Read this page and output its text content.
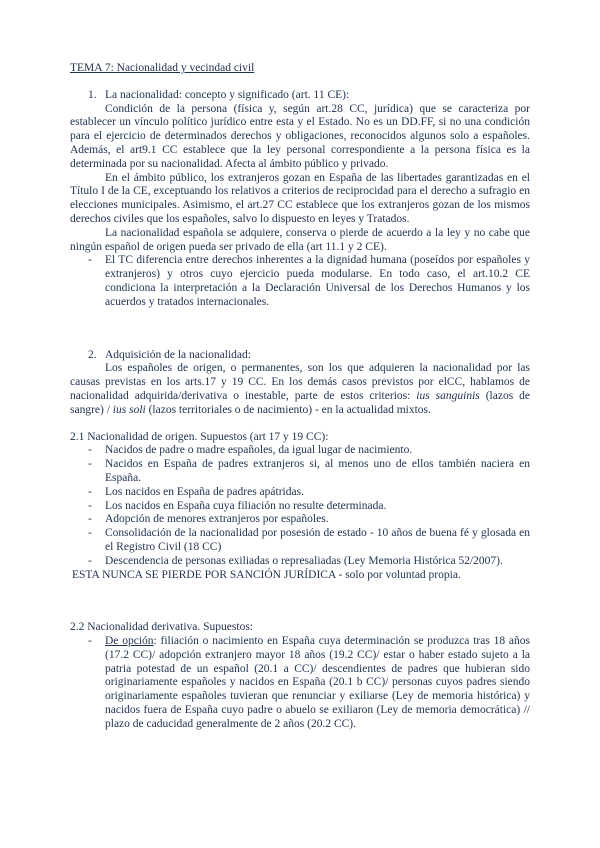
TEMA 7: Nacionalidad y vecindad civil
1. La nacionalidad: concepto y significado (art. 11 CE):

Condición de la persona (física y, según art.28 CC, jurídica) que se caracteriza por establecer un vínculo político jurídico entre esta y el Estado. No es un DD.FF, si no una condición para el ejercicio de determinados derechos y obligaciones, reconocidos algunos solo a españoles. Además, el art9.1 CC establece que la ley personal correspondiente a la persona física es la determinada por su nacionalidad. Afecta al ámbito público y privado.

En el ámbito público, los extranjeros gozan en España de las libertades garantizadas en el Título I de la CE, exceptuando los relativos a criterios de reciprocidad para el derecho a sufragio en elecciones municipales. Asimismo, el art.27 CC establece que los extranjeros gozan de los mismos derechos civiles que los españoles, salvo lo dispuesto en leyes y Tratados.

La nacionalidad española se adquiere, conserva o pierde de acuerdo a la ley y no cabe que ningún español de origen pueda ser privado de ella (art 11.1 y 2 CE).

-	El TC diferencia entre derechos inherentes a la dignidad humana (poseídos por españoles y extranjeros) y otros cuyo ejercicio pueda modularse. En todo caso, el art.10.2 CE condiciona la interpretación a la Declaración Universal de los Derechos Humanos y los acuerdos y tratados internacionales.
2. Adquisición de la nacionalidad:

Los españoles de origen, o permanentes, son los que adquieren la nacionalidad por las causas previstas en los arts.17 y 19 CC. En los demás casos previstos por elCC, hablamos de nacionalidad adquirida/derivativa o inestable, parte de estos criterios: ius sanguinis (lazos de sangre) / ius soli (lazos territoriales o de nacimiento) - en la actualidad mixtos.

2.1 Nacionalidad de origen. Supuestos (art 17 y 19 CC):
-	Nacidos de padre o madre españoles, da igual lugar de nacimiento.
-	Nacidos en España de padres extranjeros si, al menos uno de ellos también naciera en España.
-	Los nacidos en España de padres apátridas.
-	Los nacidos en España cuya filiación no resulte determinada.
-	Adopción de menores extranjeros por españoles.
-	Consolidación de la nacionalidad por posesión de estado - 10 años de buena fé y glosada en el Registro Civil (18 CC)
-	Descendencia de personas exiliadas o represaliadas (Ley Memoria Histórica 52/2007).
ESTA NUNCA SE PIERDE POR SANCIÓN JURÍDICA - solo por voluntad propia.
2.2 Nacionalidad derivativa. Supuestos:
-	De opción: filiación o nacimiento en España cuya determinación se produzca tras 18 años (17.2 CC)/ adopción extranjero mayor 18 años (19.2 CC)/ estar o haber estado sujeto a la patria potestad de un español (20.1 a CC)/ descendientes de padres que hubieran sido originariamente españoles y nacidos en España (20.1 b CC)/ personas cuyos padres siendo originariamente españoles tuvieran que renunciar y exiliarse (Ley de memoria histórica) y nacidos fuera de España cuyo padre o abuelo se exiliaron (Ley de memoria democrática) // plazo de caducidad generalmente de 2 años (20.2 CC).
